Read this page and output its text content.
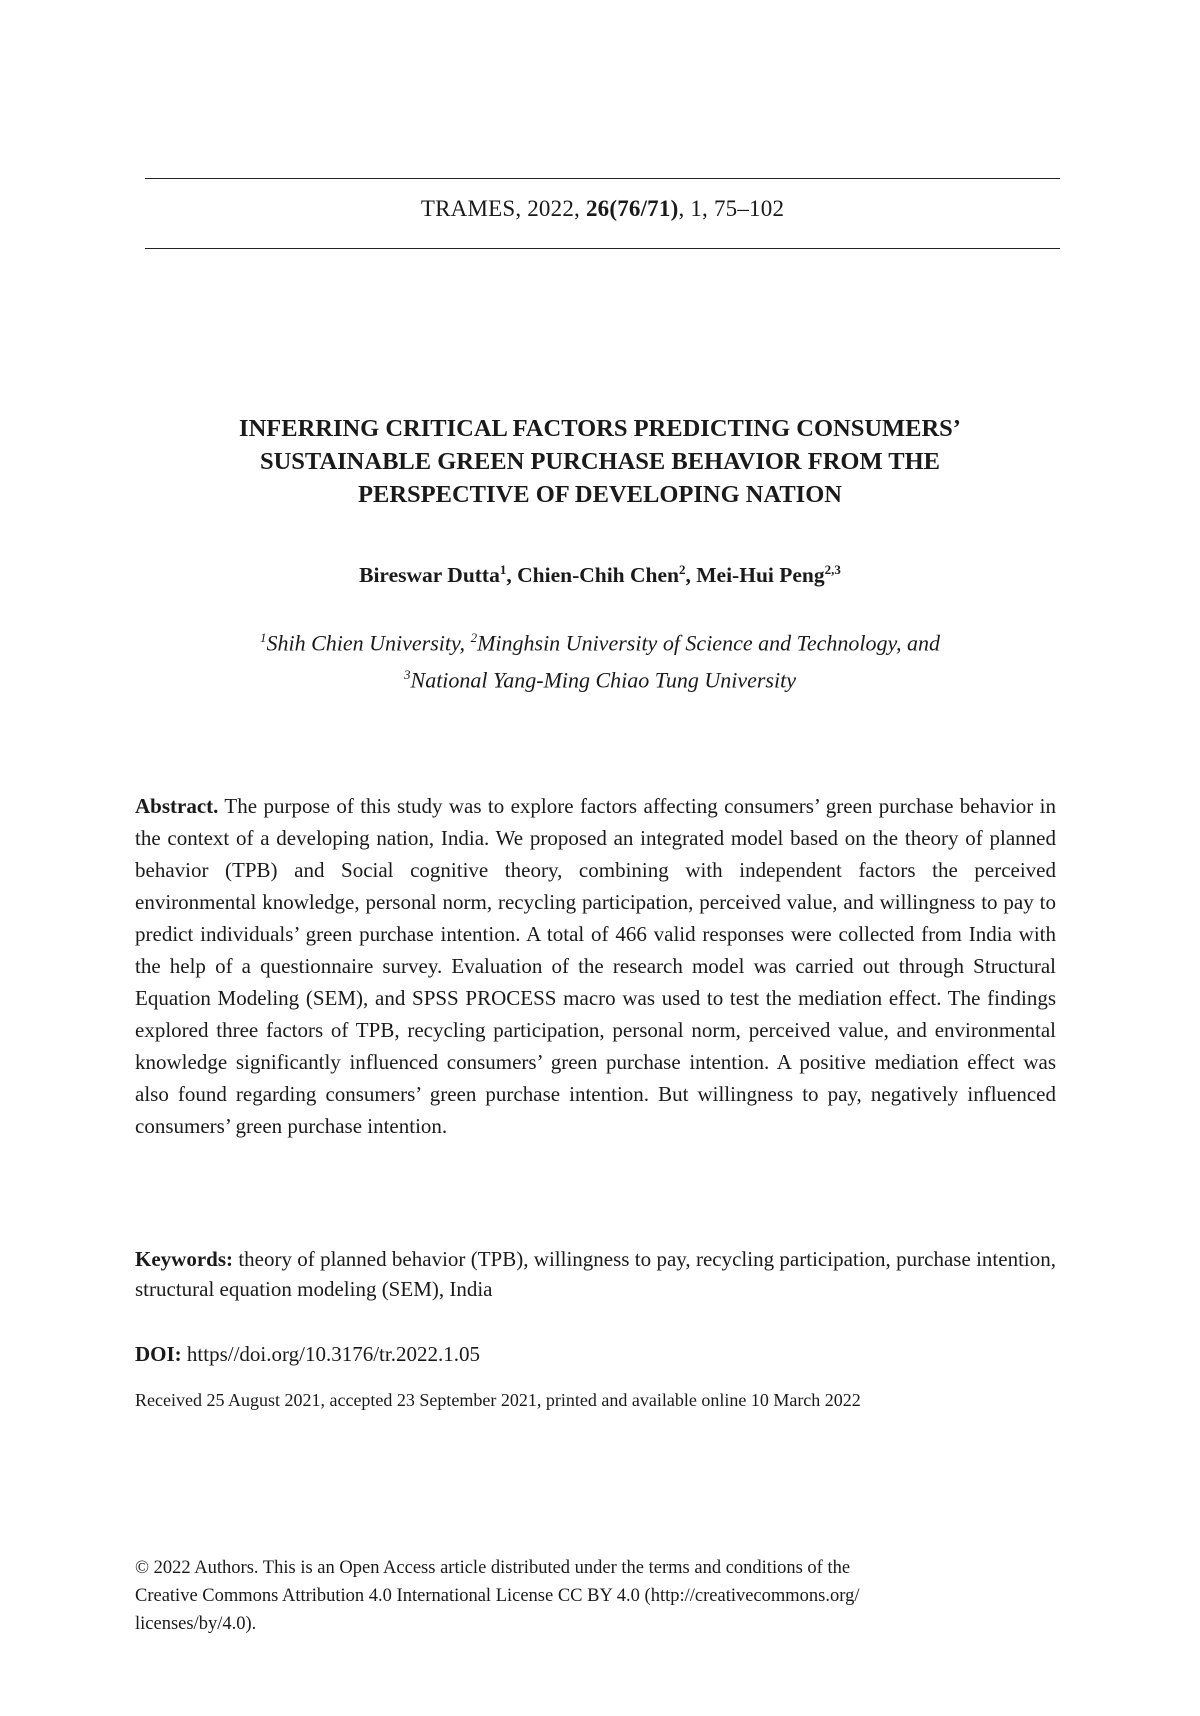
TRAMES, 2022, 26(76/71), 1, 75–102
INFERRING CRITICAL FACTORS PREDICTING CONSUMERS’
SUSTAINABLE GREEN PURCHASE BEHAVIOR FROM THE
PERSPECTIVE OF DEVELOPING NATION
Bireswar Dutta$^1$, Chien-Chih Chen$^2$, Mei-Hui Peng$^{2,3}$
$^1$Shih Chien University, $^2$Minghsin University of Science and Technology, and
$^3$National Yang-Ming Chiao Tung University
Abstract. The purpose of this study was to explore factors affecting consumers’ green purchase behavior in the context of a developing nation, India. We proposed an integrated model based on the theory of planned behavior (TPB) and Social cognitive theory, combining with independent factors the perceived environmental knowledge, personal norm, recycling participation, perceived value, and willingness to pay to predict individuals’ green purchase intention. A total of 466 valid responses were collected from India with the help of a questionnaire survey. Evaluation of the research model was carried out through Structural Equation Modeling (SEM), and SPSS PROCESS macro was used to test the mediation effect. The findings explored three factors of TPB, recycling participation, personal norm, perceived value, and environmental knowledge significantly influenced consumers’ green purchase intention. A positive mediation effect was also found regarding consumers’ green purchase intention. But willingness to pay, negatively influenced consumers’ green purchase intention.
Keywords: theory of planned behavior (TPB), willingness to pay, recycling participation, purchase intention, structural equation modeling (SEM), India
DOI: https//doi.org/10.3176/tr.2022.1.05
Received 25 August 2021, accepted 23 September 2021, printed and available online 10 March 2022
© 2022 Authors. This is an Open Access article distributed under the terms and conditions of the
Creative Commons Attribution 4.0 International License CC BY 4.0 (http://creativecommons.org/
licenses/by/4.0).
